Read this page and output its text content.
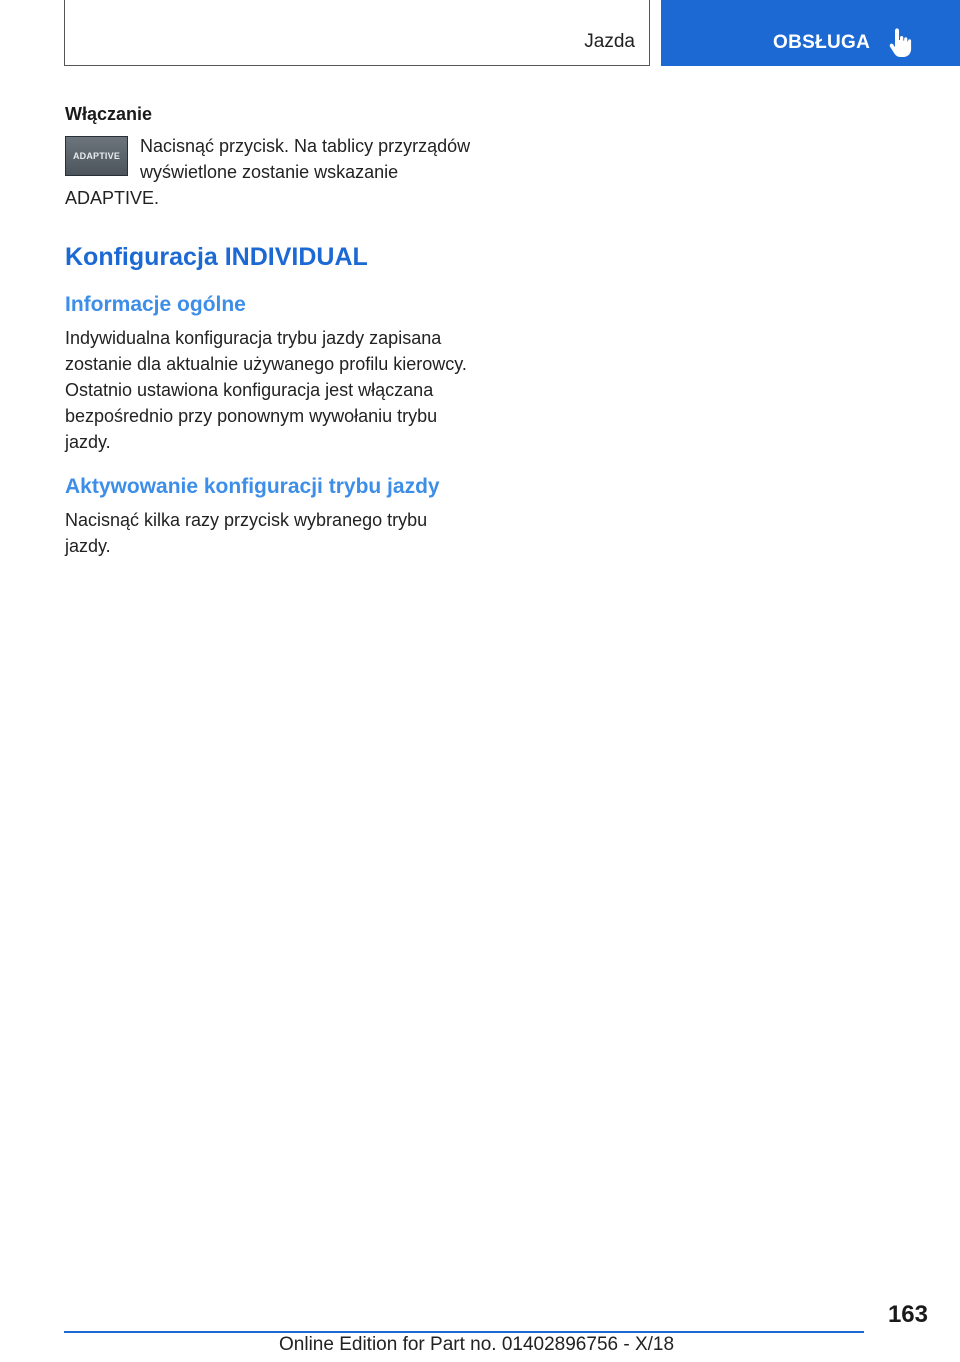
Jazda	OBSŁUGA
Włączanie
ADAPTIVE Nacisnąć przycisk. Na tablicy przyrządów wyświetlone zostanie wskazanie ADAPTIVE.
Konfiguracja INDIVIDUAL
Informacje ogólne
Indywidualna konfiguracja trybu jazdy zapisana zostanie dla aktualnie używanego profilu kierowcy. Ostatnio ustawiona konfiguracja jest włączana bezpośrednio przy ponownym wywołaniu trybu jazdy.
Aktywowanie konfiguracji trybu jazdy
Nacisnąć kilka razy przycisk wybranego trybu jazdy.
163
Online Edition for Part no. 01402896756 - X/18
